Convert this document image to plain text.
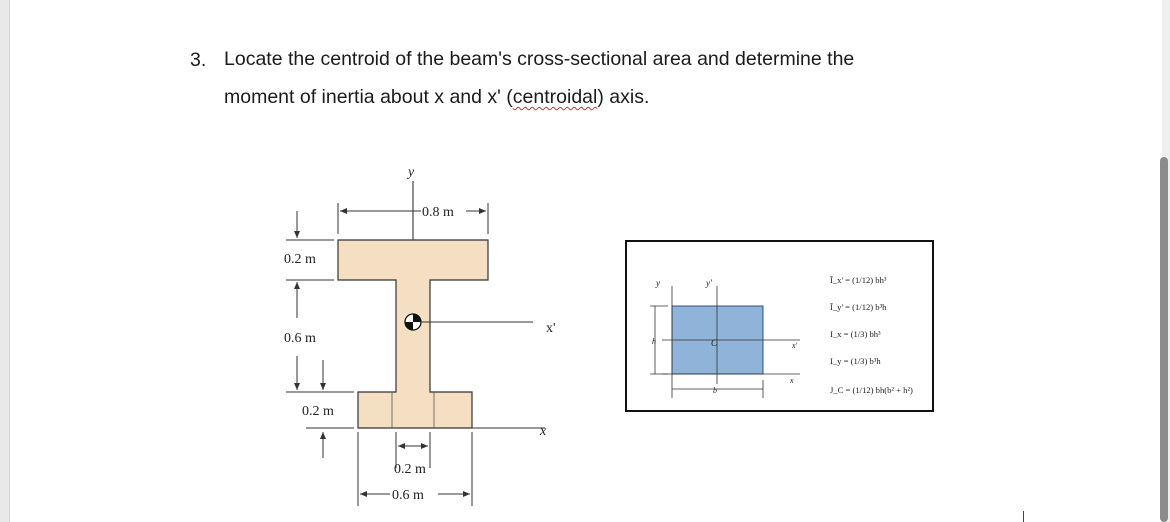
3. Locate the centroid of the beam's cross-sectional area and determine the
moment of inertia about x and x' (centroidal) axis.
y
0.8 m
0.2 m
0.6 m
0.2 m
0.2 m
0.6 m
x'
x
y	y'
h	C	x'
x
b
Ī_x' = (1/12) bh³
Ī_y' = (1/12) b³h
I_x = (1/3) bh³
I_y = (1/3) b³h
J_C = (1/12) bh(b² + h²)
